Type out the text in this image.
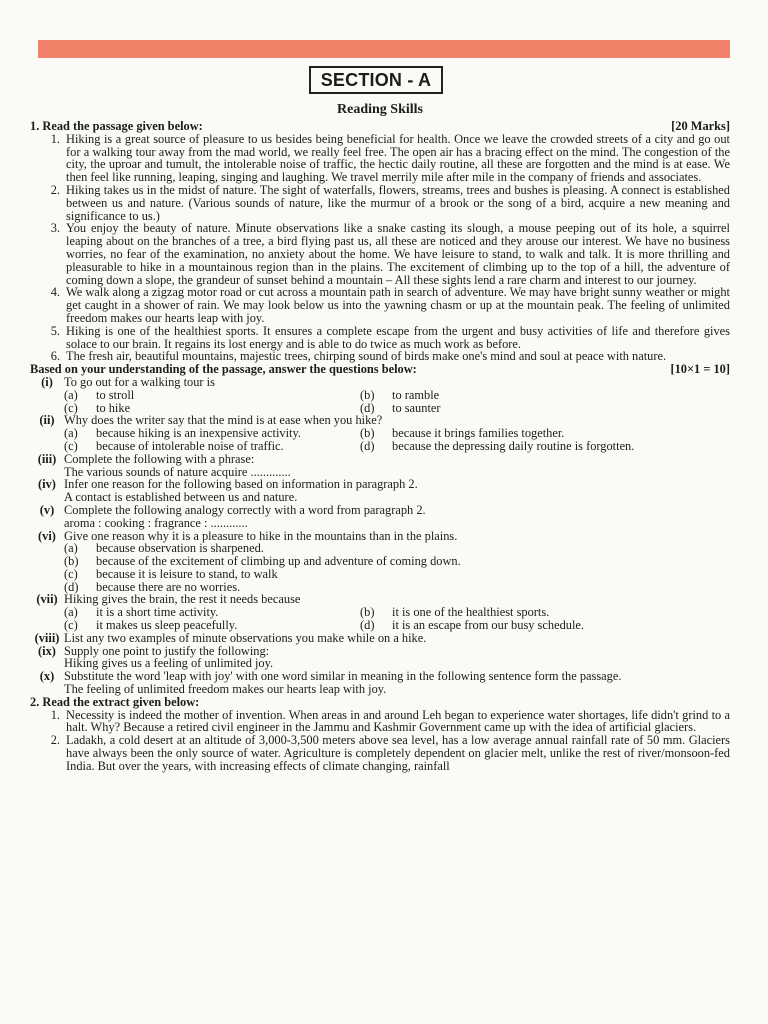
SECTION - A
Reading Skills
1. Read the passage given below:	[20 Marks]
1. Hiking is a great source of pleasure to us besides being beneficial for health. Once we leave the crowded streets of a city and go out for a walking tour away from the mad world, we really feel free. The open air has a bracing effect on the mind. The congestion of the city, the uproar and tumult, the intolerable noise of traffic, the hectic daily routine, all these are forgotten and the mind is at ease. We then feel like running, leaping, singing and laughing. We travel merrily mile after mile in the company of friends and associates.
2. Hiking takes us in the midst of nature. The sight of waterfalls, flowers, streams, trees and bushes is pleasing. A connect is established between us and nature. (Various sounds of nature, like the murmur of a brook or the song of a bird, acquire a new meaning and significance to us.)
3. You enjoy the beauty of nature. Minute observations like a snake casting its slough, a mouse peeping out of its hole, a squirrel leaping about on the branches of a tree, a bird flying past us, all these are noticed and they arouse our interest. We have no business worries, no fear of the examination, no anxiety about the home. We have leisure to stand, to walk and talk. It is more thrilling and pleasurable to hike in a mountainous region than in the plains. The excitement of climbing up to the top of a hill, the adventure of coming down a slope, the grandeur of sunset behind a mountain – All these sights lend a rare charm and interest to our journey.
4. We walk along a zigzag motor road or cut across a mountain path in search of adventure. We may have bright sunny weather or might get caught in a shower of rain. We may look below us into the yawning chasm or up at the mountain peak. The feeling of unlimited freedom makes our hearts leap with joy.
5. Hiking is one of the healthiest sports. It ensures a complete escape from the urgent and busy activities of life and therefore gives solace to our brain. It regains its lost energy and is able to do twice as much work as before.
6. The fresh air, beautiful mountains, majestic trees, chirping sound of birds make one's mind and soul at peace with nature.
Based on your understanding of the passage, answer the questions below:	[10×1 = 10]
(i) To go out for a walking tour is
(a)	to stroll	(b)	to ramble
(c)	to hike	(d)	to saunter
(ii) Why does the writer say that the mind is at ease when you hike?
(a)	because hiking is an inexpensive activity.	(b)	because it brings families together.
(c)	because of intolerable noise of traffic.	(d)	because the depressing daily routine is forgotten.
(iii) Complete the following with a phrase:
The various sounds of nature acquire .............
(iv) Infer one reason for the following based on information in paragraph 2.
A contact is established between us and nature.
(v) Complete the following analogy correctly with a word from paragraph 2.
aroma : cooking : fragrance : ............
(vi) Give one reason why it is a pleasure to hike in the mountains than in the plains.
(a)	because observation is sharpened.
(b)	because of the excitement of climbing up and adventure of coming down.
(c)	because it is leisure to stand, to walk
(d)	because there are no worries.
(vii) Hiking gives the brain, the rest it needs because
(a)	it is a short time activity.	(b)	it is one of the healthiest sports.
(c)	it makes us sleep peacefully.	(d)	it is an escape from our busy schedule.
(viii) List any two examples of minute observations you make while on a hike.
(ix) Supply one point to justify the following:
Hiking gives us a feeling of unlimited joy.
(x) Substitute the word 'leap with joy' with one word similar in meaning in the following sentence form the passage.
The feeling of unlimited freedom makes our hearts leap with joy.
2. Read the extract given below:
1. Necessity is indeed the mother of invention. When areas in and around Leh began to experience water shortages, life didn't grind to a halt. Why? Because a retired civil engineer in the Jammu and Kashmir Government came up with the idea of artificial glaciers.
2. Ladakh, a cold desert at an altitude of 3,000-3,500 meters above sea level, has a low average annual rainfall rate of 50 mm. Glaciers have always been the only source of water. Agriculture is completely dependent on glacier melt, unlike the rest of river/monsoon-fed India. But over the years, with increasing effects of climate changing, rainfall
